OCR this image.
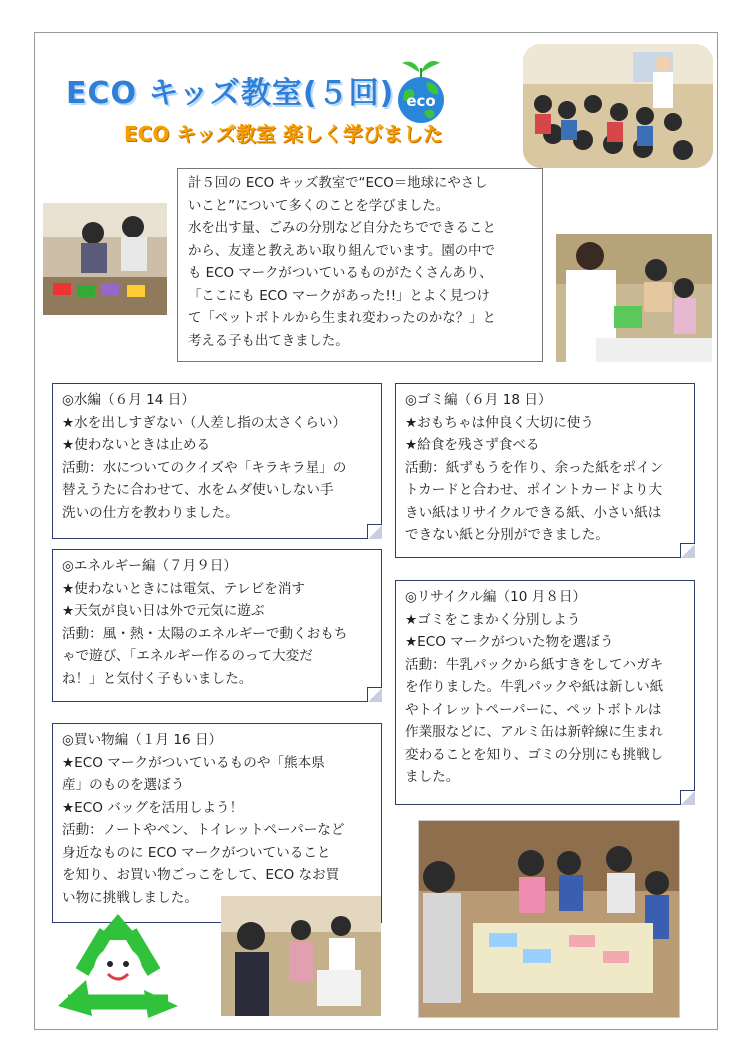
ECO キッズ教室(５回) eco
ECO キッズ教室 楽しく学びました

計５回の ECO キッズ教室で“ECO＝地球にやさし

いこと”について多くのことを学びました。

水を出す量、ごみの分別など自分たちでできること

から、友達と教えあい取り組んでいます。園の中で

も ECO マークがついているものがたくさんあり、

「ここにも ECO マークがあった!!」とよく見つけ

て「ペットボトルから生まれ変わったのかな？」と

考える子も出てきました。

◎水編（６月 14 日）
★水を出しすぎない（人差し指の太さくらい）
★使わないときは止める
活動：水についてのクイズや「キラキラ星」の
替えうたに合わせて、水をムダ使いしない手
洗いの仕方を教わりました。
◎エネルギー編（７月９日）
★使わないときには電気、テレビを消す
★天気が良い日は外で元気に遊ぶ
活動：風・熱・太陽のエネルギーで動くおもち
ゃで遊び、「エネルギー作るのって大変だ
ね！」と気付く子もいました。
◎買い物編（１月 16 日）
★ECO マークがついているものや「熊本県
産」のものを選ぼう
★ECO バッグを活用しよう！
活動：ノートやペン、トイレットペーパーなど
身近なものに ECO マークがついていること
を知り、お買い物ごっこをして、ECO なお買
い物に挑戦しました。
◎ゴミ編（６月 18 日）
★おもちゃは仲良く大切に使う
★給食を残さず食べる
活動：紙ずもうを作り、余った紙をポイン
トカードと合わせ、ポイントカードより大
きい紙はリサイクルできる紙、小さい紙は
できない紙と分別ができました。
◎リサイクル編（10 月８日）
★ゴミをこまかく分別しよう
★ECO マークがついた物を選ぼう
活動：牛乳パックから紙すきをしてハガキ
を作りました。牛乳パックや紙は新しい紙
やトイレットペーパーに、ペットボトルは
作業服などに、アルミ缶は新幹線に生まれ
変わることを知り、ゴミの分別にも挑戦し
ました。
